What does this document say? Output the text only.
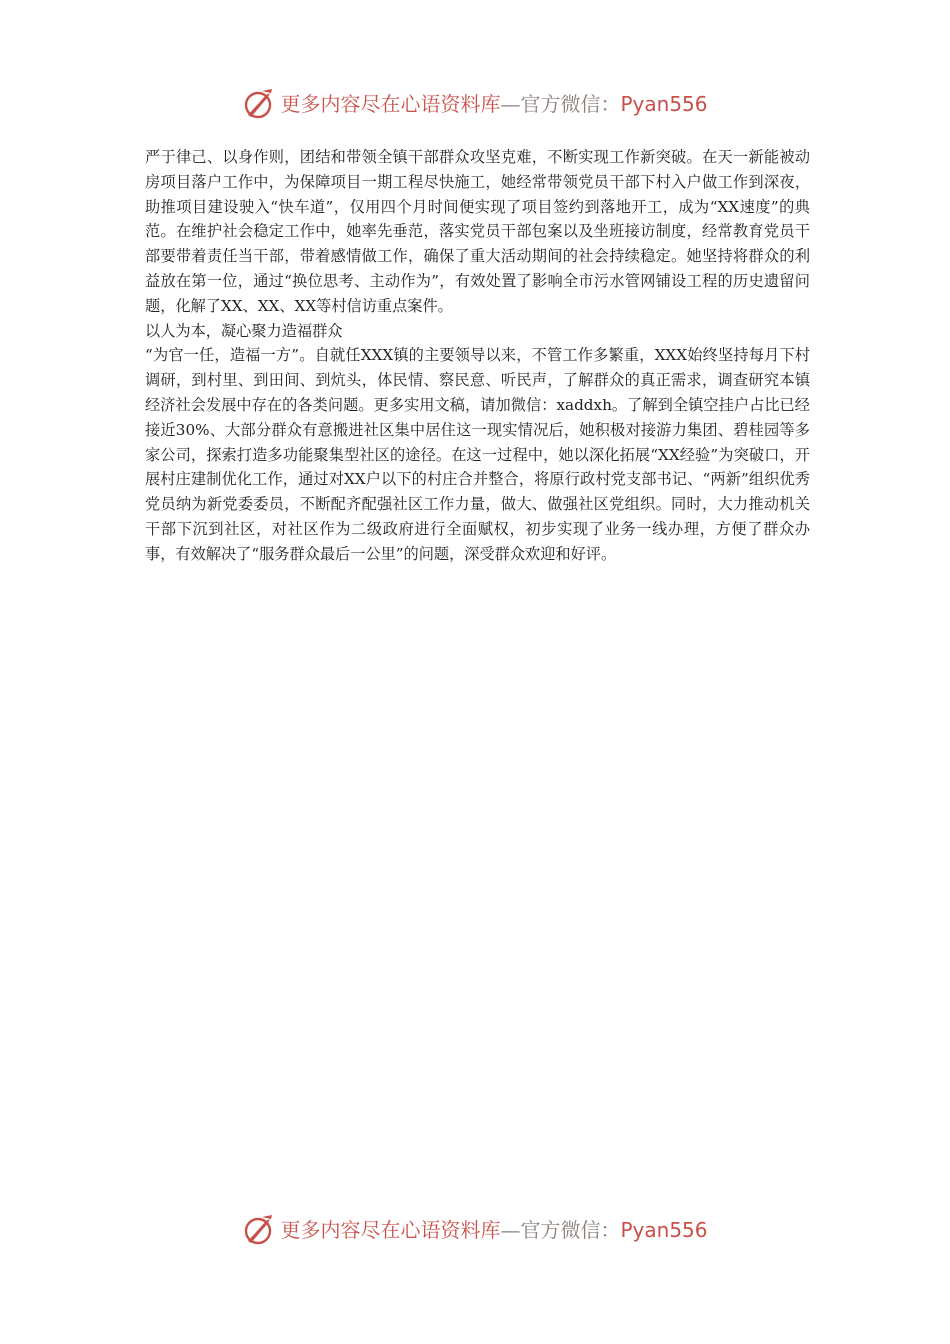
更多内容尽在心语资料库—官方微信：Pyan556

严于律己、以身作则，团结和带领全镇干部群众攻坚克难，不断实现工作新突破。在天一新能被动房项目落户工作中，为保障项目一期工程尽快施工，她经常带领党员干部下村入户做工作到深夜，助推项目建设驶入“快车道”，仅用四个月时间便实现了项目签约到落地开工，成为“XX速度”的典范。在维护社会稳定工作中，她率先垂范，落实党员干部包案以及坐班接访制度，经常教育党员干部要带着责任当干部，带着感情做工作，确保了重大活动期间的社会持续稳定。她坚持将群众的利益放在第一位，通过“换位思考、主动作为”，有效处置了影响全市污水管网铺设工程的历史遗留问题，化解了XX、XX、XX等村信访重点案件。

以人为本，凝心聚力造福群众

“为官一任，造福一方”。自就任XXX镇的主要领导以来，不管工作多繁重，XXX始终坚持每月下村调研，到村里、到田间、到炕头，体民情、察民意、听民声，了解群众的真正需求，调查研究本镇经济社会发展中存在的各类问题。更多实用文稿，请加微信：xaddxh。了解到全镇空挂户占比已经接近30%、大部分群众有意搬进社区集中居住这一现实情况后，她积极对接游力集团、碧桂园等多家公司，探索打造多功能聚集型社区的途径。在这一过程中，她以深化拓展“XX经验”为突破口，开展村庄建制优化工作，通过对XX户以下的村庄合并整合，将原行政村党支部书记、“两新”组织优秀党员纳为新党委委员，不断配齐配强社区工作力量，做大、做强社区党组织。同时，大力推动机关干部下沉到社区，对社区作为二级政府进行全面赋权，初步实现了业务一线办理，方便了群众办事，有效解决了“服务群众最后一公里”的问题，深受群众欢迎和好评。

更多内容尽在心语资料库—官方微信：Pyan556
